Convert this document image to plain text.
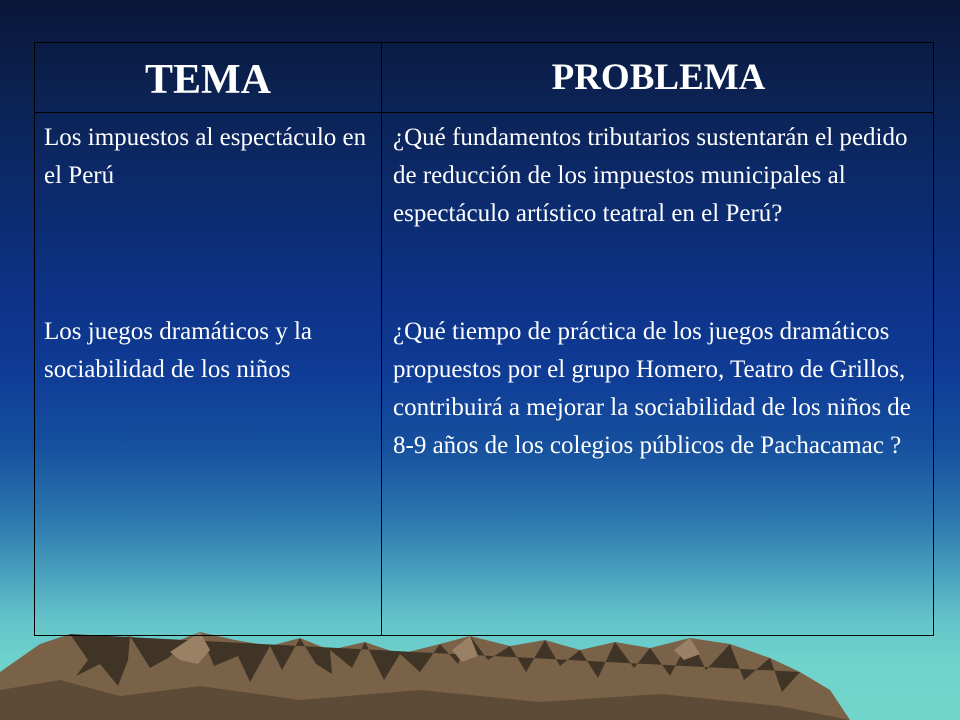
TEMA	PROBLEMA
Los impuestos al espectáculo en el Perú
¿Qué fundamentos tributarios sustentarán el pedido de reducción de los impuestos municipales al espectáculo artístico teatral en el Perú?
Los juegos dramáticos y la sociabilidad de los niños
¿Qué tiempo de práctica de los juegos dramáticos propuestos por el grupo Homero, Teatro de Grillos, contribuirá a mejorar la sociabilidad de los niños de 8-9 años de los colegios públicos de Pachacamac ?
